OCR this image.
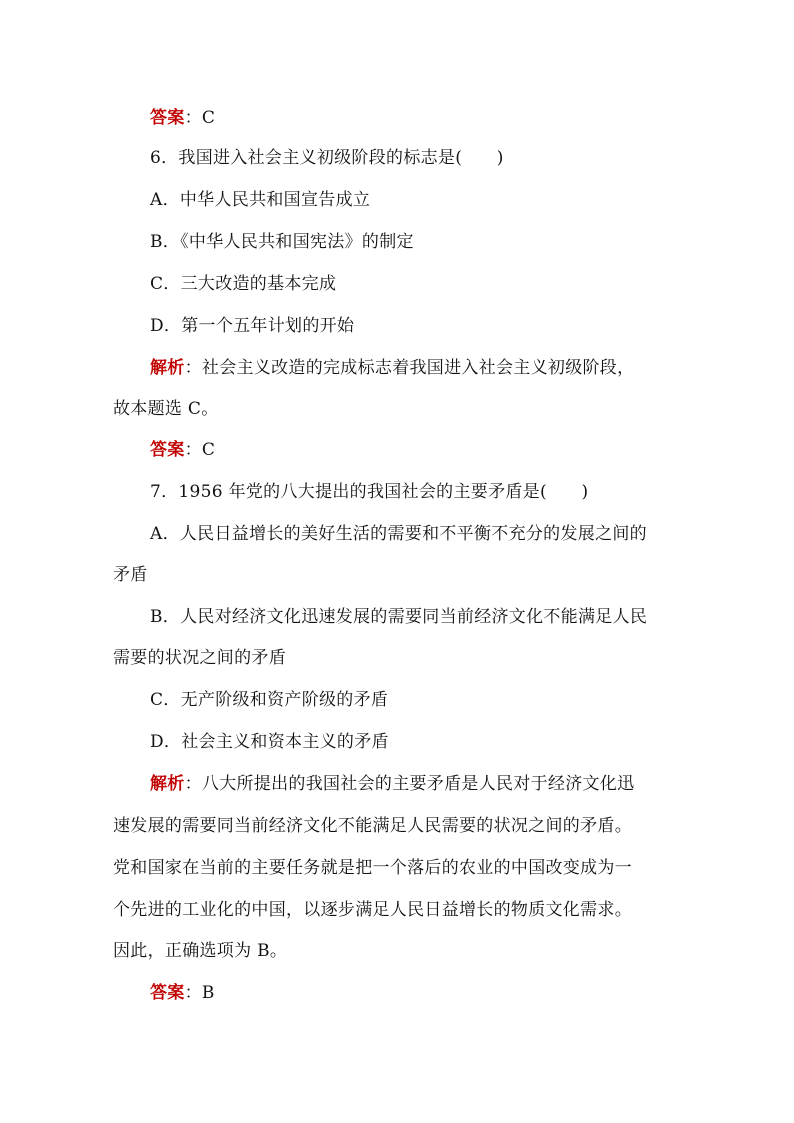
答案：C
6．我国进入社会主义初级阶段的标志是(　　)
A．中华人民共和国宣告成立
B．《中华人民共和国宪法》的制定
C．三大改造的基本完成
D．第一个五年计划的开始
解析：社会主义改造的完成标志着我国进入社会主义初级阶段，
故本题选 C。
答案：C
7．1956 年党的八大提出的我国社会的主要矛盾是(　　)
A．人民日益增长的美好生活的需要和不平衡不充分的发展之间的
矛盾
B．人民对经济文化迅速发展的需要同当前经济文化不能满足人民
需要的状况之间的矛盾
C．无产阶级和资产阶级的矛盾
D．社会主义和资本主义的矛盾
解析：八大所提出的我国社会的主要矛盾是人民对于经济文化迅
速发展的需要同当前经济文化不能满足人民需要的状况之间的矛盾。
党和国家在当前的主要任务就是把一个落后的农业的中国改变成为一
个先进的工业化的中国，以逐步满足人民日益增长的物质文化需求。
因此，正确选项为 B。
答案：B
